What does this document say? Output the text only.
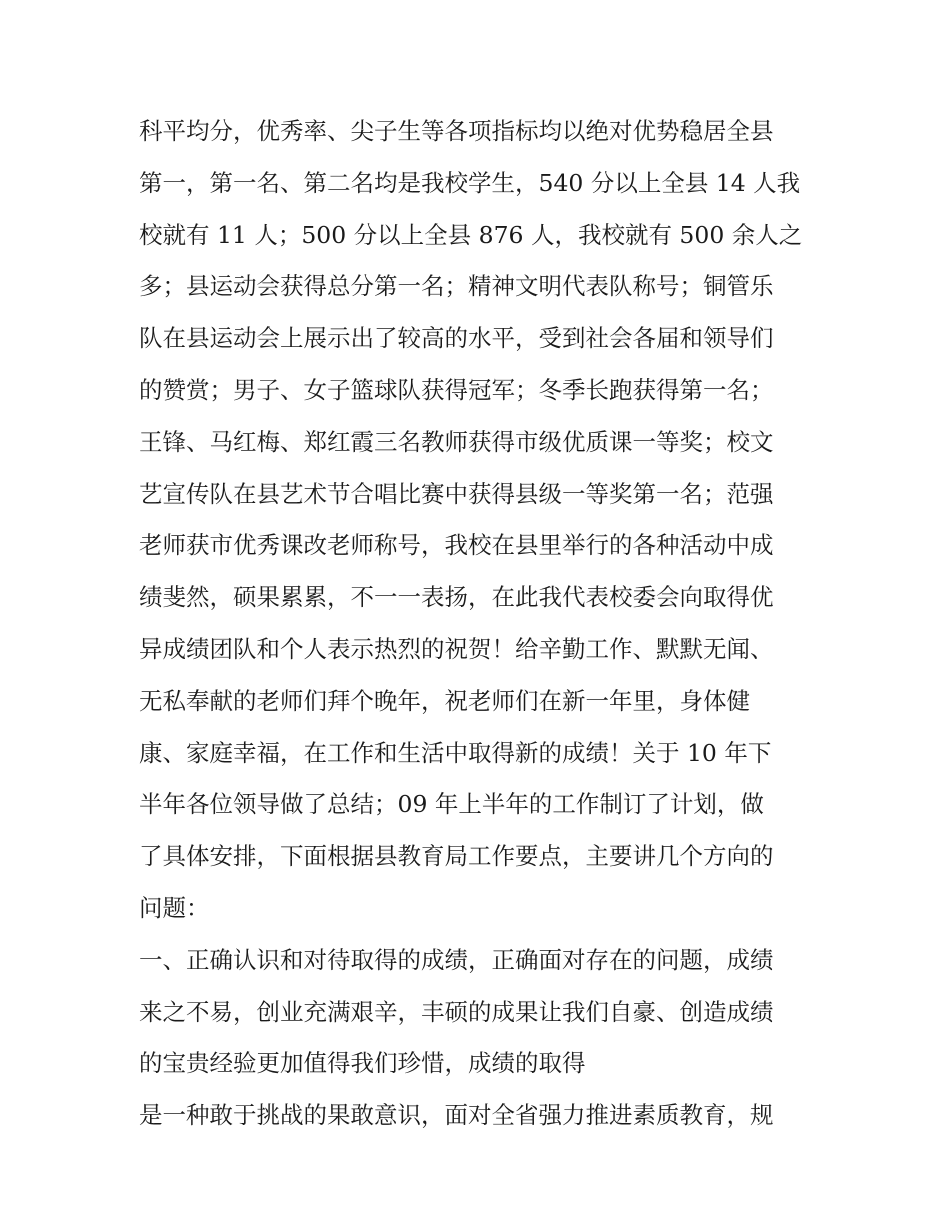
科平均分，优秀率、尖子生等各项指标均以绝对优势稳居全县
第一，第一名、第二名均是我校学生，540 分以上全县 14 人我
校就有 11 人；500 分以上全县 876 人，我校就有 500 余人之
多；县运动会获得总分第一名；精神文明代表队称号；铜管乐
队在县运动会上展示出了较高的水平，受到社会各届和领导们
的赞赏；男子、女子篮球队获得冠军；冬季长跑获得第一名；
王锋、马红梅、郑红霞三名教师获得市级优质课一等奖；校文
艺宣传队在县艺术节合唱比赛中获得县级一等奖第一名；范强
老师获市优秀课改老师称号，我校在县里举行的各种活动中成
绩斐然，硕果累累，不一一表扬，在此我代表校委会向取得优
异成绩团队和个人表示热烈的祝贺！给辛勤工作、默默无闻、
无私奉献的老师们拜个晚年，祝老师们在新一年里，身体健
康、家庭幸福，在工作和生活中取得新的成绩！关于 10 年下
半年各位领导做了总结；09 年上半年的工作制订了计划，做
了具体安排，下面根据县教育局工作要点，主要讲几个方向的
问题：
一、正确认识和对待取得的成绩，正确面对存在的问题，成绩
来之不易，创业充满艰辛，丰硕的成果让我们自豪、创造成绩
的宝贵经验更加值得我们珍惜，成绩的取得
是一种敢于挑战的果敢意识，面对全省强力推进素质教育，规
